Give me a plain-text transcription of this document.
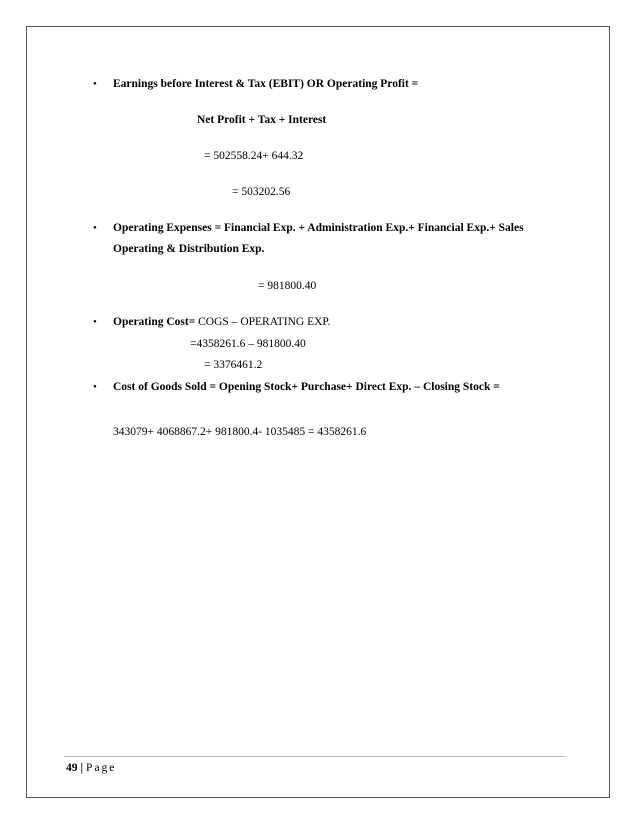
• Earnings before Interest & Tax (EBIT) OR Operating Profit =
Net Profit + Tax + Interest
= 502558.24+ 644.32
= 503202.56
• Operating Expenses = Financial Exp. + Administration Exp.+ Financial Exp.+ Sales
Operating & Distribution Exp.
= 981800.40
• Operating Cost= COGS – OPERATING EXP.
=4358261.6 – 981800.40
= 3376461.2
• Cost of Goods Sold = Opening Stock+ Purchase+ Direct Exp. – Closing Stock =
343079+ 4068867.2+ 981800.4- 1035485 = 4358261.6
49 | Page
